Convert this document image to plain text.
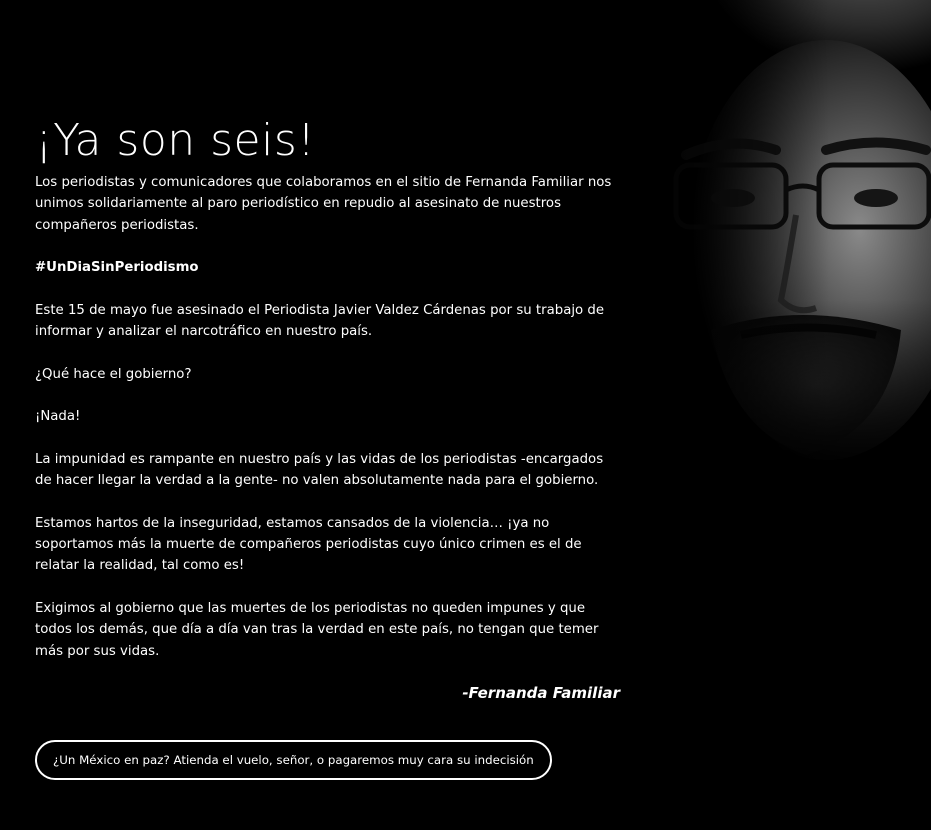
¡Ya son seis!

Los periodistas y comunicadores que colaboramos en el sitio de Fernanda Familiar nos unimos solidariamente al paro periodístico en repudio al asesinato de nuestros compañeros periodistas.

#UnDiaSinPeriodismo

Este 15 de mayo fue asesinado el Periodista Javier Valdez Cárdenas por su trabajo de informar y analizar el narcotráfico en nuestro país.

¿Qué hace el gobierno?

¡Nada!

La impunidad es rampante en nuestro país y las vidas de los periodistas -encargados de hacer llegar la verdad a la gente- no valen absolutamente nada para el gobierno.

Estamos hartos de la inseguridad, estamos cansados de la violencia… ¡ya no soportamos más la muerte de compañeros periodistas cuyo único crimen es el de relatar la realidad, tal como es!

Exigimos al gobierno que las muertes de los periodistas no queden impunes y que todos los demás, que día a día van tras la verdad en este país, no tengan que temer más por sus vidas.

-Fernanda Familiar
¿Un México en paz? Atienda el vuelo, señor, o pagaremos muy cara su indecisión
